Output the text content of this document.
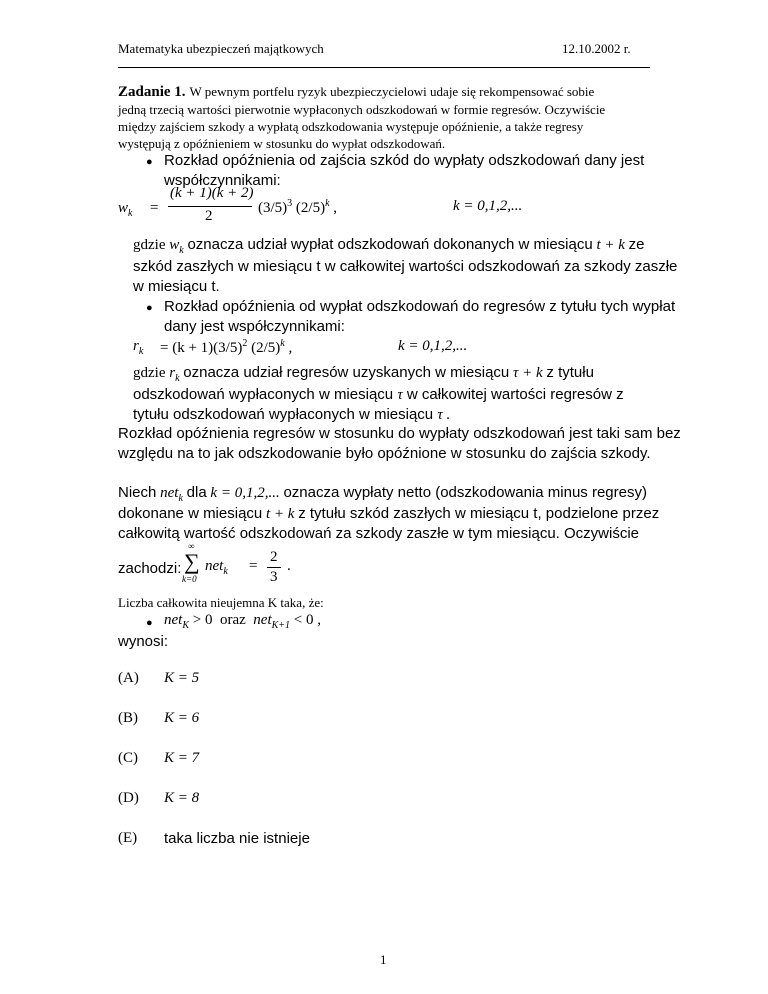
Matematyka ubezpieczeń majątkowych	12.10.2002 r.
Zadanie 1. W pewnym portfelu ryzyk ubezpieczycielowi udaje się rekompensować sobie
jedną trzecią wartości pierwotnie wypłaconych odszkodowań w formie regresów. Oczywiście
między zajściem szkody a wypłatą odszkodowania występuje opóźnienie, a także regresy
występują z opóźnieniem w stosunku do wypłat odszkodowań.
● Rozkład opóźnienia od zajścia szkód do wypłaty odszkodowań dany jest
współczynnikami:
$w_k$ =
(k + 1)(k + 2)
2	$(3/5)^3$ $(2/5)^k$ ,	k = 0,1,2,...
gdzie $w_k$ oznacza udział wypłat odszkodowań dokonanych w miesiącu t + k ze
szkód zaszłych w miesiącu t w całkowitej wartości odszkodowań za szkody zaszłe
w miesiącu t.
● Rozkład opóźnienia od wypłat odszkodowań do regresów z tytułu tych wypłat
dany jest współczynnikami:
$r_k = (k + 1)(3/5)^2$ $(2/5)^k$ ,	k = 0,1,2,...
gdzie $r_k$ oznacza udział regresów uzyskanych w miesiącu τ + k z tytułu
odszkodowań wypłaconych w miesiącu τ w całkowitej wartości regresów z
tytułu odszkodowań wypłaconych w miesiącu τ .
Rozkład opóźnienia regresów w stosunku do wypłaty odszkodowań jest taki sam bez
względu na to jak odszkodowanie było opóźnione w stosunku do zajścia szkody.
Niech net$_k$ dla k = 0,1,2,... oznacza wypłaty netto (odszkodowania minus regresy)
dokonane w miesiącu t + k z tytułu szkód zaszłych w miesiącu t, podzielone przez
całkowitą wartość odszkodowań za szkody zaszłe w tym miesiącu. Oczywiście
zachodzi:
∞
∑
k=0
net$_k$ =
2
3
.
Liczba całkowita nieujemna K taka, że:
● net$_K$ > 0 oraz net$_{K+1}$ < 0 ,
wynosi:
(A) K = 5
(B) K = 6
(C) K = 7
(D) K = 8
(E) taka liczba nie istnieje
1
